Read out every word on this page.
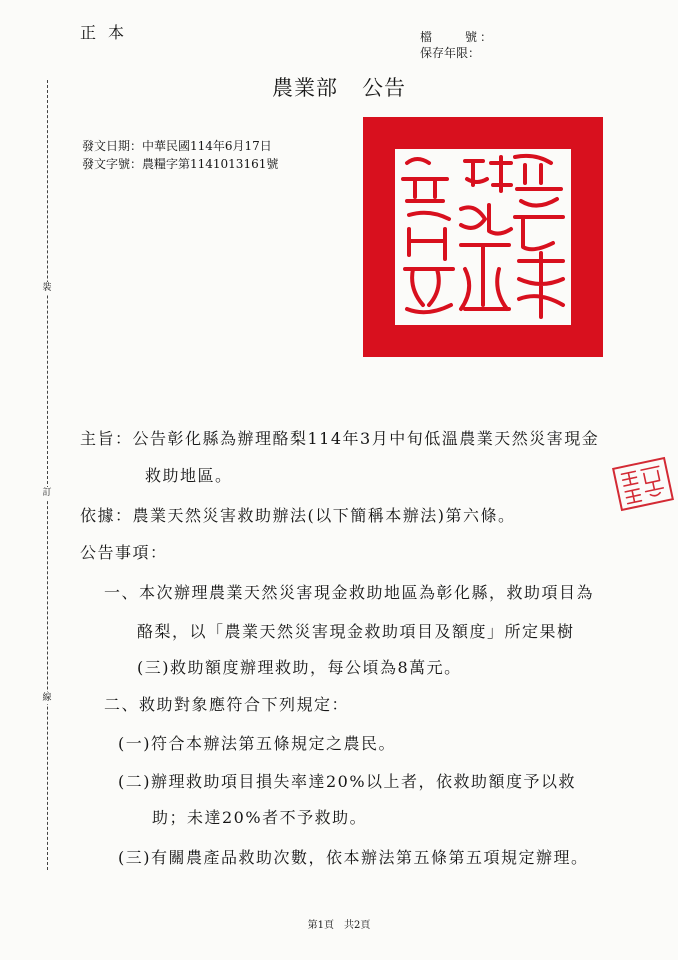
正本	檔　　號：
保存年限：
裝
訂
線
農業部 公告
發文日期：中華民國114年6月17日
發文字號：農糧字第1141013161號
主旨：公告彰化縣為辦理酪梨114年3月中旬低溫農業天然災害現金
救助地區。
依據：農業天然災害救助辦法(以下簡稱本辦法)第六條。
公告事項：
一、本次辦理農業天然災害現金救助地區為彰化縣，救助項目為
酪梨，以「農業天然災害現金救助項目及額度」所定果樹
(三)救助額度辦理救助，每公頃為8萬元。
二、救助對象應符合下列規定：
(一)符合本辦法第五條規定之農民。
(二)辦理救助項目損失率達20%以上者，依救助額度予以救
助；未達20%者不予救助。
(三)有關農產品救助次數，依本辦法第五條第五項規定辦理。
第1頁　共2頁
